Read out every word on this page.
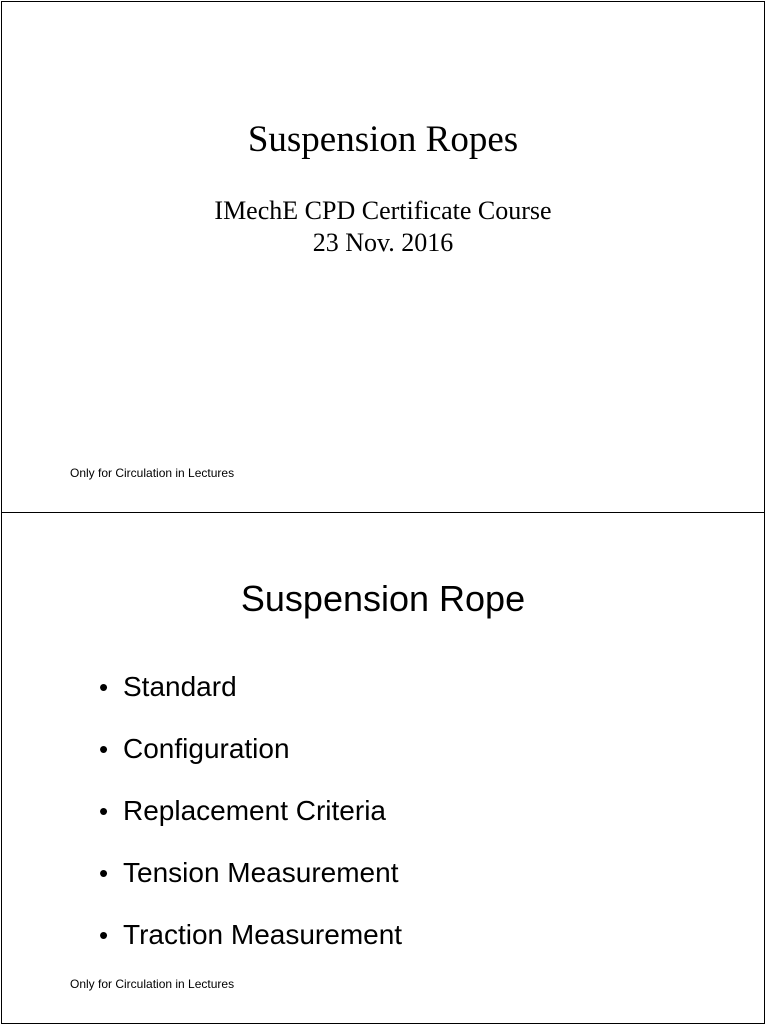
Suspension Ropes
IMechE CPD Certificate Course
23 Nov. 2016
Only for Circulation in Lectures
Suspension Rope
• Standard
• Configuration
• Replacement Criteria
• Tension Measurement
• Traction Measurement
Only for Circulation in Lectures
